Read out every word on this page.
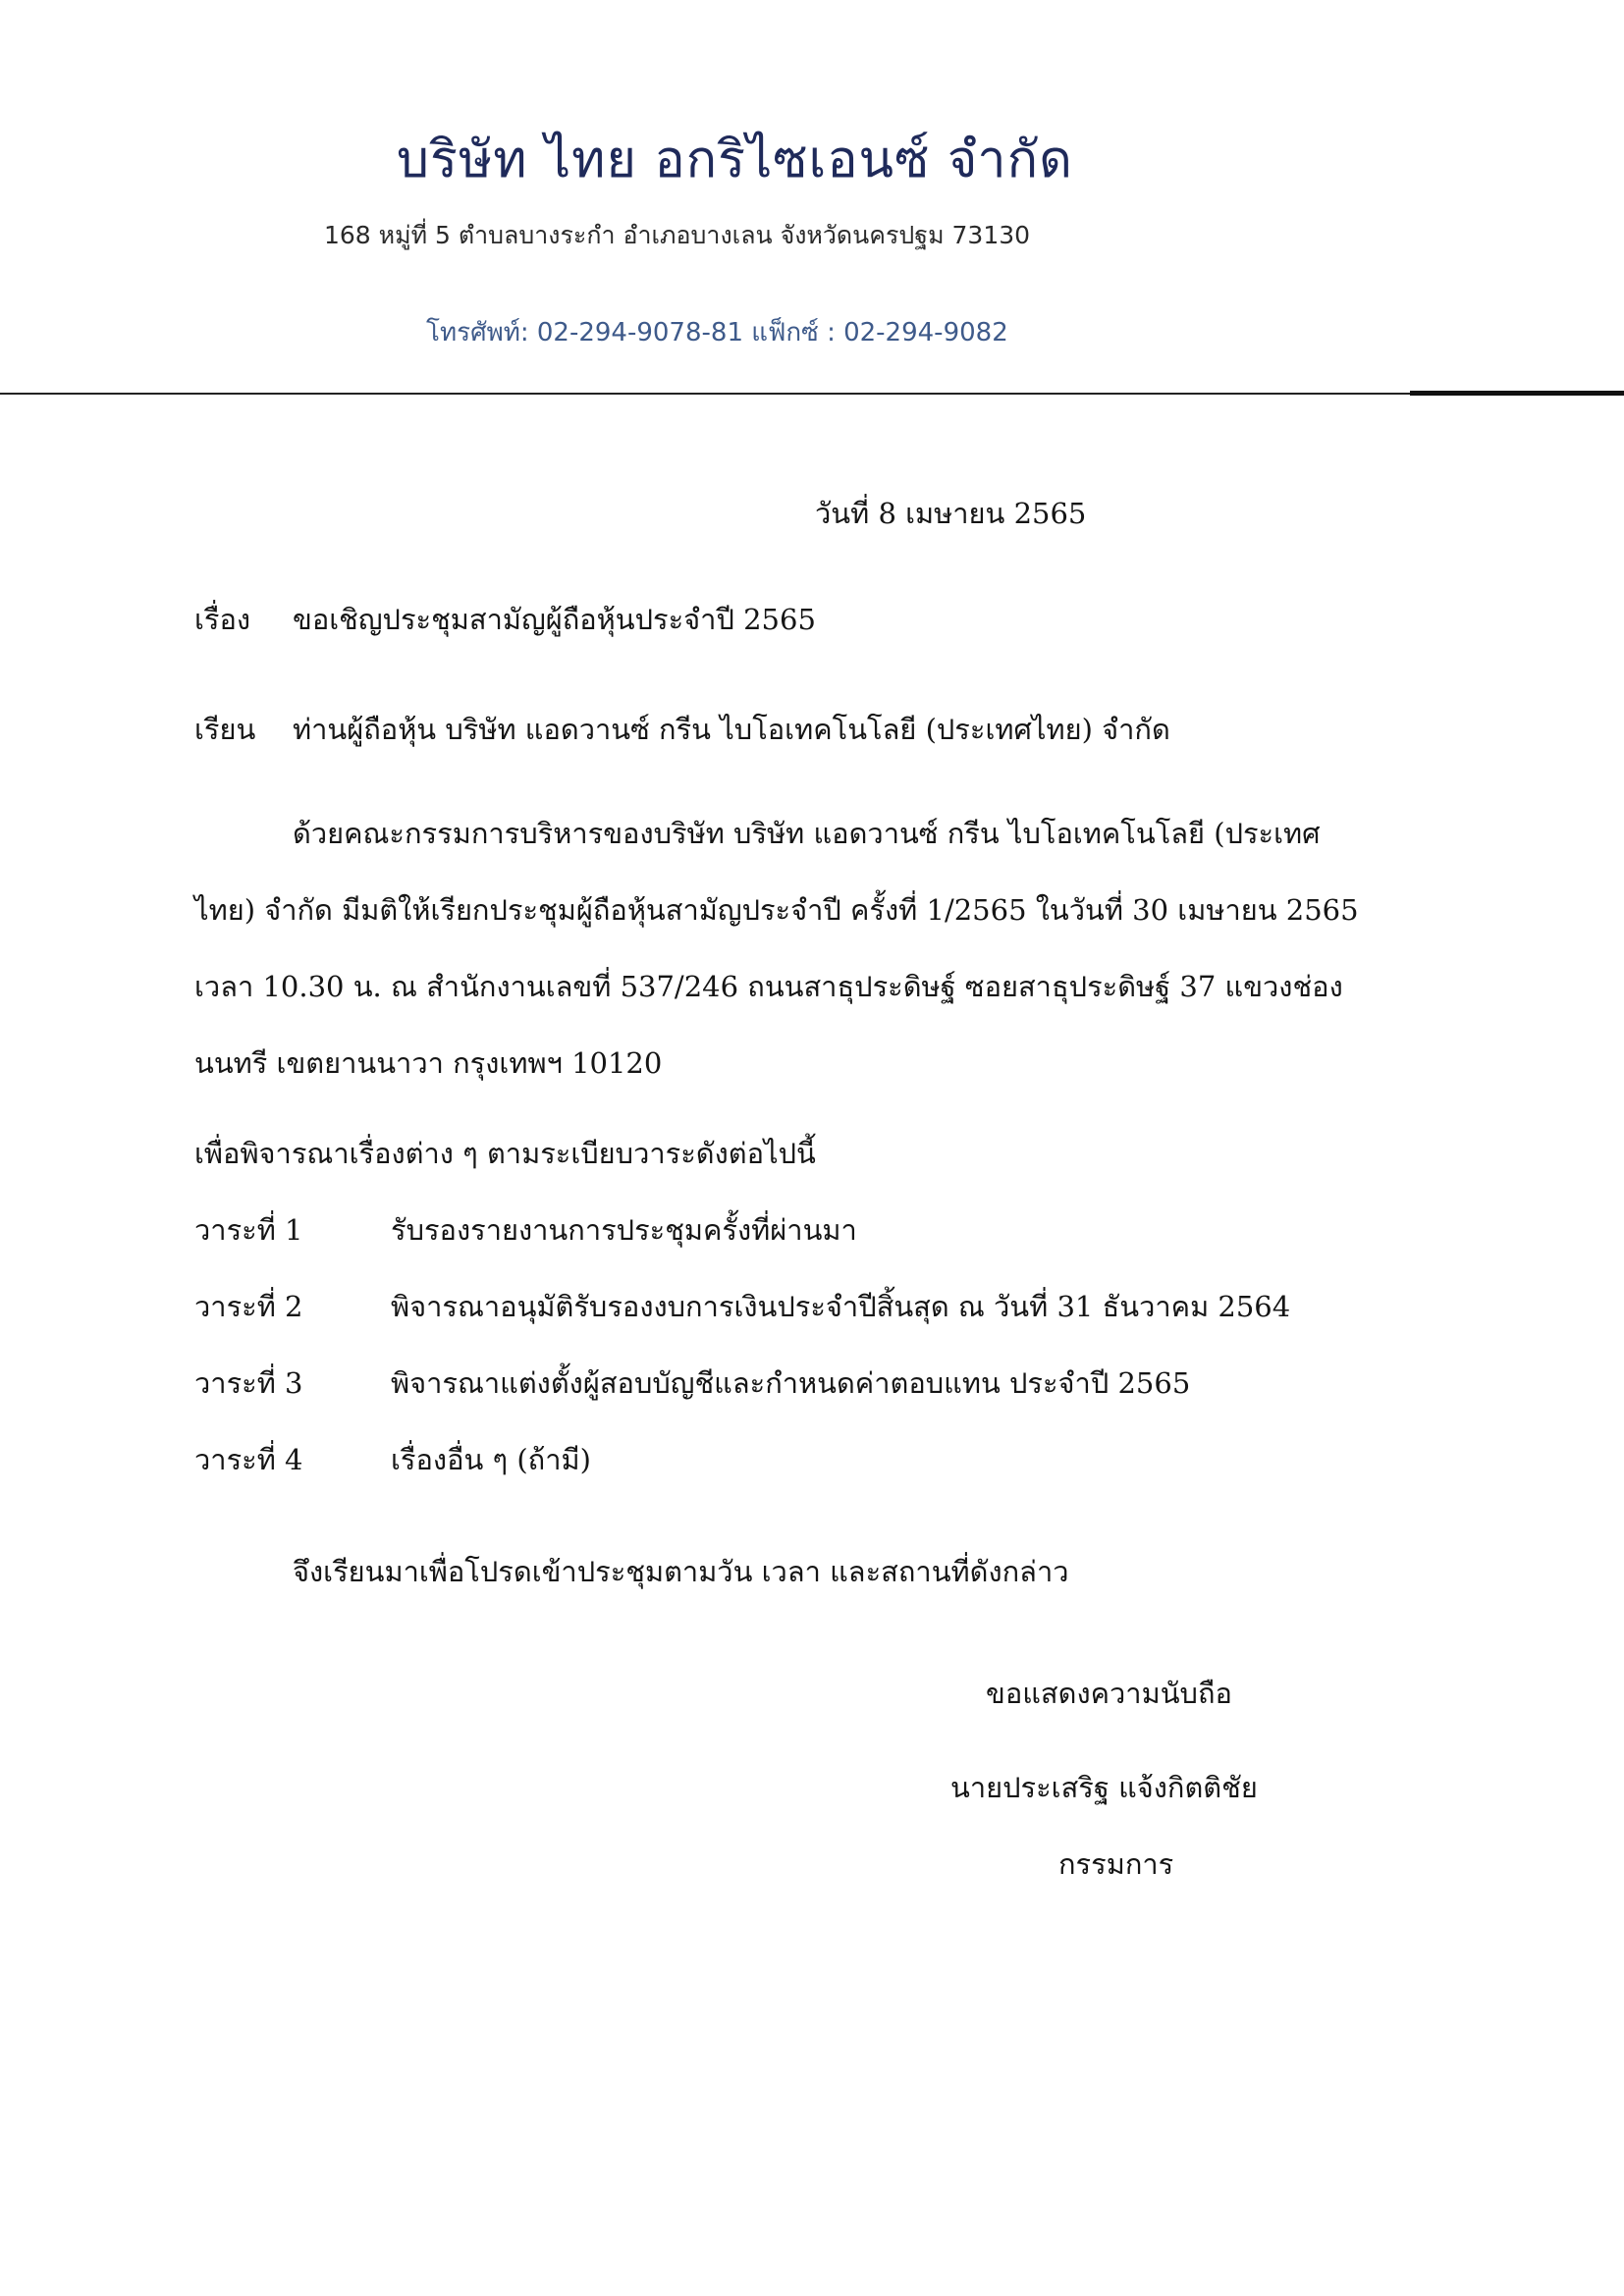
บริษัท ไทย อกริไซเอนซ์ จำกัด
168 หมู่ที่ 5 ตำบลบางระกำ อำเภอบางเลน จังหวัดนครปฐม 73130
โทรศัพท์: 02-294-9078-81 แฟ็กซ์ : 02-294-9082
วันที่ 8 เมษายน 2565
เรื่อง ขอเชิญประชุมสามัญผู้ถือหุ้นประจำปี 2565
เรียน ท่านผู้ถือหุ้น บริษัท แอดวานซ์ กรีน ไบโอเทคโนโลยี (ประเทศไทย) จำกัด
ด้วยคณะกรรมการบริหารของบริษัท บริษัท แอดวานซ์ กรีน ไบโอเทคโนโลยี (ประเทศ
ไทย) จำกัด มีมติให้เรียกประชุมผู้ถือหุ้นสามัญประจำปี ครั้งที่ 1/2565 ในวันที่ 30 เมษายน 2565
เวลา 10.30 น. ณ สำนักงานเลขที่ 537/246 ถนนสาธุประดิษฐ์ ซอยสาธุประดิษฐ์ 37 แขวงช่อง
นนทรี เขตยานนาวา กรุงเทพฯ 10120
เพื่อพิจารณาเรื่องต่าง ๆ ตามระเบียบวาระดังต่อไปนี้
วาระที่ 1	รับรองรายงานการประชุมครั้งที่ผ่านมา
วาระที่ 2	พิจารณาอนุมัติรับรองงบการเงินประจำปีสิ้นสุด ณ วันที่ 31 ธันวาคม 2564
วาระที่ 3	พิจารณาแต่งตั้งผู้สอบบัญชีและกำหนดค่าตอบแทน ประจำปี 2565
วาระที่ 4	เรื่องอื่น ๆ (ถ้ามี)
จึงเรียนมาเพื่อโปรดเข้าประชุมตามวัน เวลา และสถานที่ดังกล่าว
ขอแสดงความนับถือ
นายประเสริฐ แจ้งกิตติชัย
กรรมการ
